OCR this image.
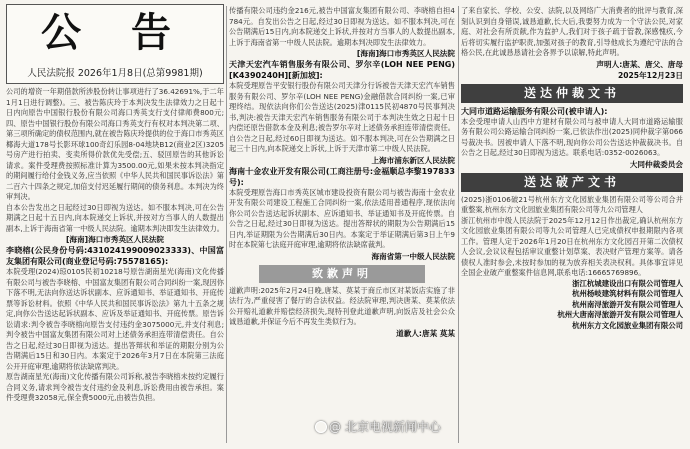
公 告
人民法院报 2026年1月8日(总第9981期)
公司的增资一年期借款所涉股份转让事项进行了36.42691%,于二年1月1日进行调整)。三、被告陈庆玲于本判决发生法律效力之日起十日内向原告中国银行股份有限公司海口秀英支行支付律师费800元;四、原告中国银行股份有限公司海口秀英支行有权对本判决第二项、第三项所确定的债权范围内,就在被告陈庆玲提供的位于海口市秀英区椰海大道178号长影环球100奇幻乐园8-04地块B12(商业2区)3205号房产进行拍卖、变卖所得价款优先受偿;五、驳回原告的其他诉讼请求。案件受理费按照标准计算为3500.00元,如果未按本判决指定的期间履行给付金钱义务,应当依照《中华人民共和国民事诉讼法》第二百六十四条之规定,加倍支付迟延履行期间的债务利息。本判决为终审判决。
自本公告发出之日起经过30日即视为送达。如不服本判决,可在公告期满之日起十五日内,向本院递交上诉状,并按对方当事人的人数提出副本,上诉于海南省第一中级人民法院。逾期本判决即发生法律效力。
[海南]海口市秀英区人民法院
李晓榕(公民身份号码:431024199009023333)、中国富友集团有限公司(商业登记号码:75578165):
本院受理(2024)琼0105民初10218号原告湖南星光(海南)文化传播有限公司与被告李晓榕、中国富友集团有限公司合同纠纷一案,现因你下落不明,无法向你送达诉状副本、应诉通知书、举证通知书、开庭传票等诉讼材料。依照《中华人民共和国民事诉讼法》第九十五条之规定,向你公告送达起诉状副本、应诉及举证通知书、开庭传票。原告诉讼请求:判令被告李晓榕向原告支付违约金3075000元,并支付利息;判令被告中国富友集团有限公司对上述债务承担连带清偿责任。自公告之日起,经过30日即视为送达。提出答辩状和举证的期限分别为公告期满后15日和30日内。本案定于2026年3月7日在本院第三法庭公开开庭审理,逾期将依法缺席判决。
原告湖南星光(海南)文化传播有限公司诉称,被告李晓榕未按约定履行合同义务,请求判令被告支付违约金及利息,诉讼费用由被告承担。案件受理费32058元,保全费5000元,由被告负担。
传播有限公司违约金216元,被告中国富友集团有限公司、李晓榕自担4784元。自发出公告之日起,经过30日即视为送达。如不服本判决,可在公告期满后15日内,向本院递交上诉状,并按对方当事人的人数提出副本,上诉于海南省第一中级人民法院。逾期本判决即发生法律效力。
[海南]海口市秀英区人民法院
天津天宏汽车销售服务有限公司、罗尔辛(LOH NEE PENG)[K4390240H][新加坡]:
本院受理原告平安银行股份有限公司天津分行诉被告天津天宏汽车销售服务有限公司、罗尔辛(LOH NEE PENG)金融借款合同纠纷一案,已审理终结。现依法向你们公告送达(2025)津0115民初4870号民事判决书,判决:被告天津天宏汽车销售服务有限公司于本判决生效之日起十日内偿还原告借款本金及利息;被告罗尔辛对上述债务承担连带清偿责任。自公告之日起,经过60日即视为送达。如不服本判决,可在公告期满之日起三十日内,向本院递交上诉状,上诉于天津市第二中级人民法院。
上海市浦东新区人民法院
海南十金农业开发有限公司(工商注册号:金福顺总李黎197833号):
本院受理原告海口市秀英区城市建设投资有限公司与被告海南十金农业开发有限公司建设工程施工合同纠纷一案,依法适用普通程序,现依法向你公司公告送达起诉状副本、应诉通知书、举证通知书及开庭传票。自公告之日起,经过30日即视为送达。提出答辩状的期限为公告期满后15日内,举证期限为公告期满后30日内。本案定于举证期满后第3日上午9时在本院第七法庭开庭审理,逾期将依法缺席裁判。
海南省第一中级人民法院
致歉声明
道歉声明:2025年2月24日晚,唐某、莫某于商丘市区对某饭店实施了非法行为,严重侵害了餐厅的合法权益。经法院审理,判决唐某、莫某依法公开赔礼道歉并赔偿经济损失,现特刊登此道歉声明,向饭店及社会公众诚恳道歉,并保证今后不再发生类似行为。
道歉人:唐某 莫某
了来自家长、学校、公安、法院,以及网络广大消费者的批评与教育,深刻认识到自身错误,诚恳道歉,长大后,我要努力成为一个守法公民,对家庭、对社会有所贡献,作为监护人,我们对于孩子疏于管教,深感愧疚,今后将切实履行监护职责,加强对孩子的教育,引导他成长为遵纪守法的合格公民,在此诚恳恳请社会各界予以谅解,特此声明。
声明人:唐某、唐父、唐母
2025年12月23日
送达仲裁文书
大同市道路运输服务有限公司(被申请人):
本会受理申请人山西中方建材有限公司与被申请人大同市道路运输服务有限公司公路运输合同纠纷一案,已依法作出(2025)同仲裁字第066号裁决书。因被申请人下落不明,现向你公司公告送达仲裁裁决书。自公告之日起,经过30日即视为送达。联系电话:0352-0026063。
大同仲裁委员会
送达破产文书
(2025)浙0106破21号杭州东方文化园旅业集团有限公司等公司合并重整案,杭州东方文化园旅业集团有限公司等九公司管理人
浙江杭州市中级人民法院于2025年12月12日作出裁定,确认杭州东方文化园旅业集团有限公司等九公司管理人已完成债权申报期限内各项工作。管理人定于2026年1月20日在杭州东方文化园召开第二次债权人会议,会议议程包括审议重整计划草案、表决财产管理方案等。请各债权人准时参会,未按时参加的视为放弃相关表决权利。具体事宜详见全国企业破产重整案件信息网,联系电话:16665769896。
浙江杭城建设出口有限公司管理人
杭州杨岐建筑材料有限公司管理人
杭州南浔旅游开发有限公司管理人
杭州大唐南浔旅游开发有限公司管理人
杭州东方文化园旅业集团有限公司
@ 北京电视新闻中心
